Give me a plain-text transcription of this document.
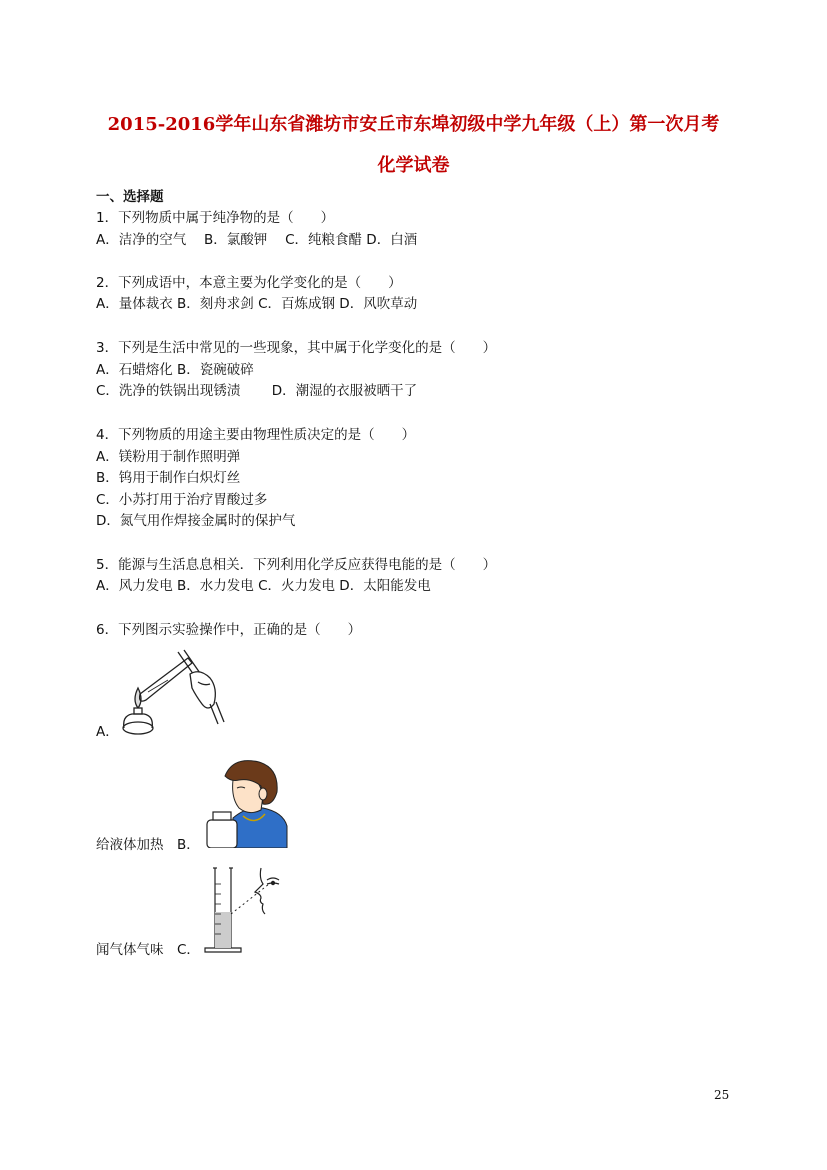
2015-2016学年山东省潍坊市安丘市东埠初级中学九年级（上）第一次月考
化学试卷
一、选择题
1．下列物质中属于纯净物的是（　　）
A．洁净的空气　 B．氯酸钾　 C．纯粮食醋 D．白酒
2．下列成语中，本意主要为化学变化的是（　　）
A．量体裁衣 B．刻舟求剑 C．百炼成钢 D．风吹草动
3．下列是生活中常见的一些现象，其中属于化学变化的是（　　）
A．石蜡熔化 B．瓷碗破碎
C．洗净的铁锅出现锈渍　　 D．潮湿的衣服被晒干了
4．下列物质的用途主要由物理性质决定的是（　　）
A．镁粉用于制作照明弹
B．钨用于制作白炽灯丝
C．小苏打用于治疗胃酸过多
D．氮气用作焊接金属时的保护气
5．能源与生活息息相关．下列利用化学反应获得电能的是（　　）
A．风力发电 B．水力发电 C．火力发电 D．太阳能发电
6．下列图示实验操作中，正确的是（　　）
A．
给液体加热　B．
闻气体气味　C．
25
